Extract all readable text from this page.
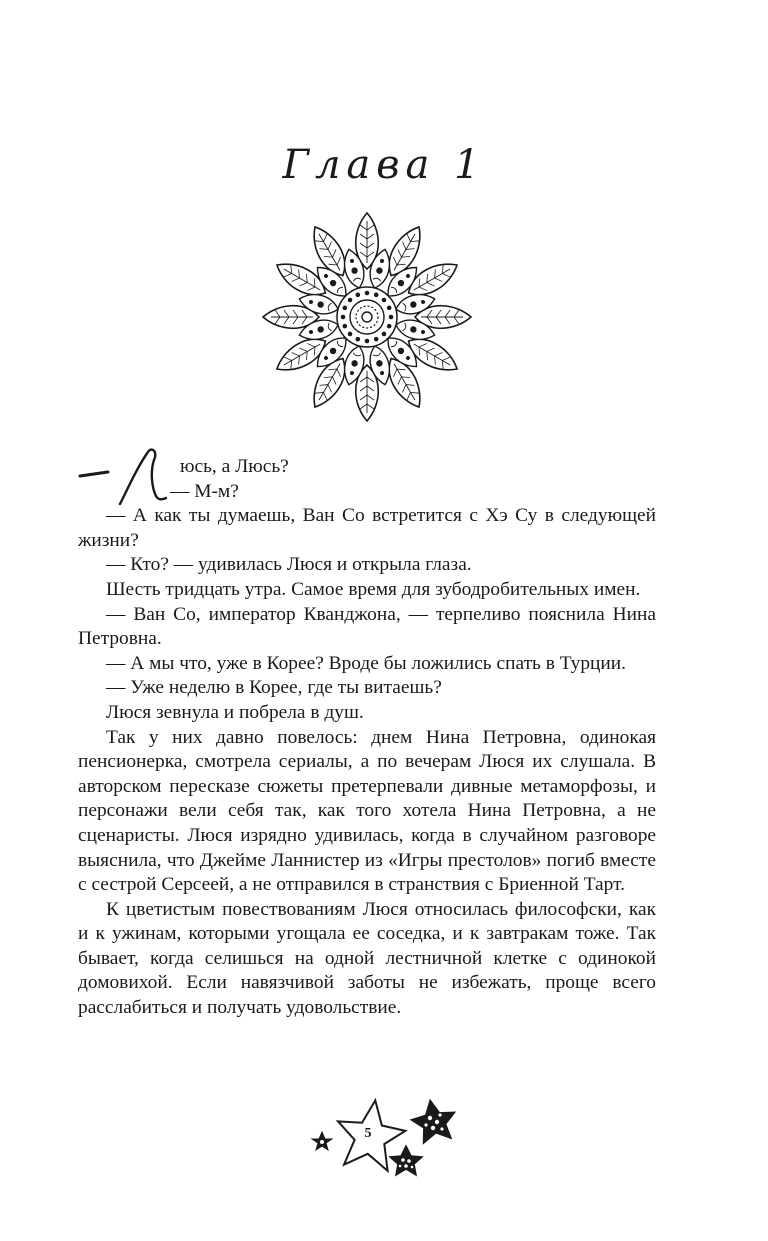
Глава 1

юсь, а Люсь?

— М-м?

— А как ты думаешь, Ван Со встретится с Хэ Су в следующей жизни?

— Кто? — удивилась Люся и открыла глаза.

Шесть тридцать утра. Самое время для зубодробительных имен.

— Ван Со, император Кванджона, — терпеливо пояснила Нина Петровна.

— А мы что, уже в Корее? Вроде бы ложились спать в Турции.

— Уже неделю в Корее, где ты витаешь?

Люся зевнула и побрела в душ.

Так у них давно повелось: днем Нина Петровна, одинокая пенсионерка, смотрела сериалы, а по вечерам Люся их слушала. В авторском пересказе сюжеты претерпевали дивные метаморфозы, и персонажи вели себя так, как того хотела Нина Петровна, а не сценаристы. Люся изрядно удивилась, когда в случайном разговоре выяснила, что Джейме Ланнистер из «Игры престолов» погиб вместе с сестрой Серсеей, а не отправился в странствия с Бриенной Тарт.

К цветистым повествованиям Люся относилась философски, как и к ужинам, которыми угощала ее соседка, и к завтракам тоже. Так бывает, когда селишься на одной лестничной клетке с одинокой домовихой. Если навязчивой заботы не избежать, проще всего расслабиться и получать удовольствие.

5
